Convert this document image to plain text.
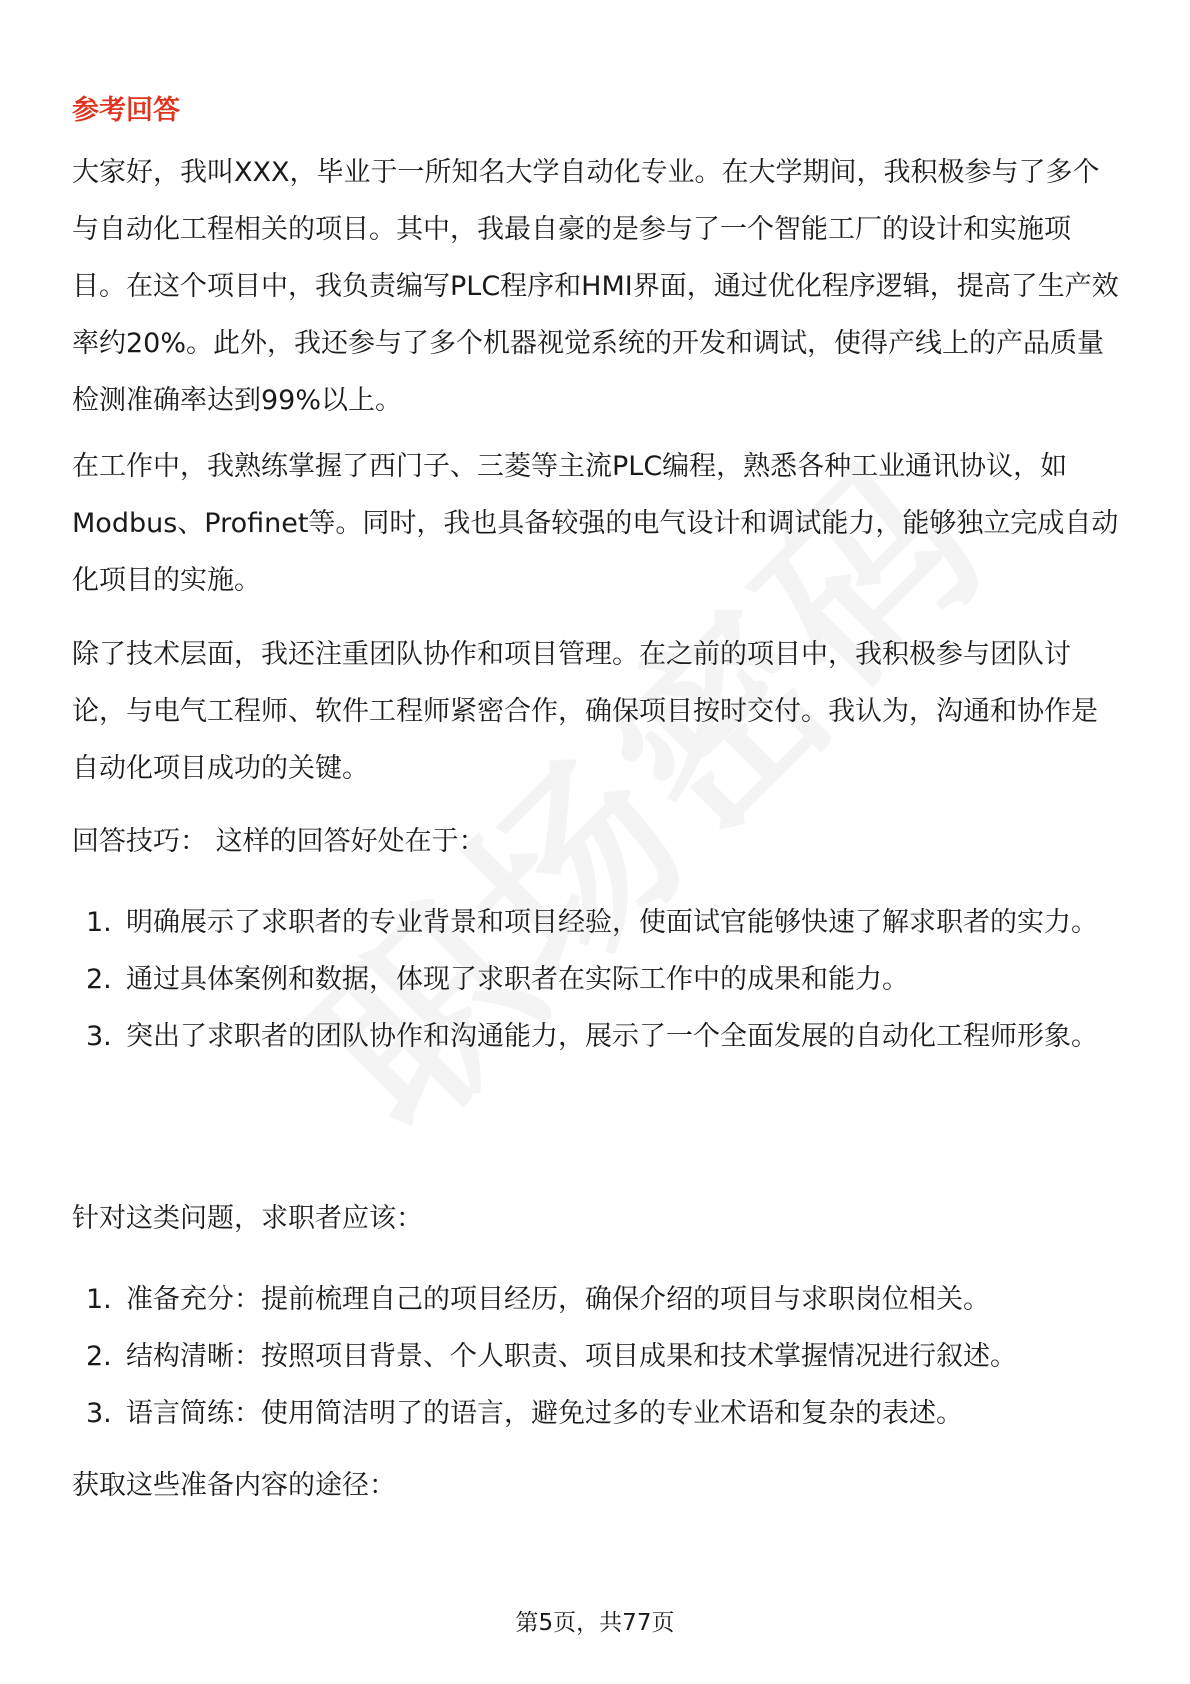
参考回答

大家好，我叫XXX，毕业于一所知名大学自动化专业。在大学期间，我积极参与了多个与自动化工程相关的项目。其中，我最自豪的是参与了一个智能工厂的设计和实施项目。在这个项目中，我负责编写PLC程序和HMI界面，通过优化程序逻辑，提高了生产效率约20%。此外，我还参与了多个机器视觉系统的开发和调试，使得产线上的产品质量检测准确率达到99%以上。

在工作中，我熟练掌握了西门子、三菱等主流PLC编程，熟悉各种工业通讯协议，如Modbus、Profinet等。同时，我也具备较强的电气设计和调试能力，能够独立完成自动化项目的实施。

除了技术层面，我还注重团队协作和项目管理。在之前的项目中，我积极参与团队讨论，与电气工程师、软件工程师紧密合作，确保项目按时交付。我认为，沟通和协作是自动化项目成功的关键。

回答技巧： 这样的回答好处在于：

1. 明确展示了求职者的专业背景和项目经验，使面试官能够快速了解求职者的实力。
2. 通过具体案例和数据，体现了求职者在实际工作中的成果和能力。
3. 突出了求职者的团队协作和沟通能力，展示了一个全面发展的自动化工程师形象。

针对这类问题，求职者应该：

1. 准备充分：提前梳理自己的项目经历，确保介绍的项目与求职岗位相关。
2. 结构清晰：按照项目背景、个人职责、项目成果和技术掌握情况进行叙述。
3. 语言简练：使用简洁明了的语言，避免过多的专业术语和复杂的表述。

获取这些准备内容的途径：

第5页，共77页
